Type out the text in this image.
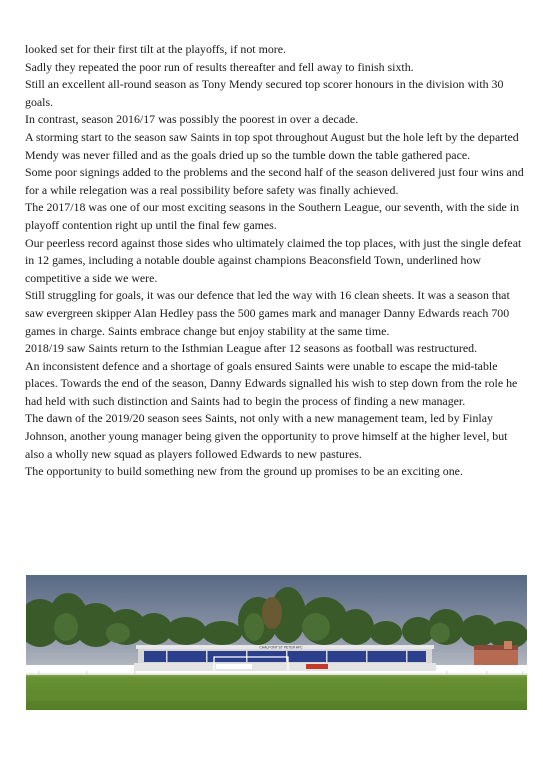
looked set for their first tilt at the playoffs, if not more.

Sadly they repeated the poor run of results thereafter and fell away to finish sixth.

Still an excellent all-round season as Tony Mendy secured top scorer honours in the division with 30 goals.

In contrast, season 2016/17 was possibly the poorest in over a decade.

A storming start to the season saw Saints in top spot throughout August but the hole left by the departed Mendy was never filled and as the goals dried up so the tumble down the table gathered pace.

Some poor signings added to the problems and the second half of the season delivered just four wins and for a while relegation was a real possibility before safety was finally achieved.

The 2017/18 was one of our most exciting seasons in the Southern League, our seventh, with the side in playoff contention right up until the final few games.

Our peerless record against those sides who ultimately claimed the top places, with just the single defeat in 12 games, including a notable double against champions Beaconsfield Town, underlined how competitive a side we were.

Still struggling for goals, it was our defence that led the way with 16 clean sheets. It was a season that saw evergreen skipper Alan Hedley pass the 500 games mark and manager Danny Edwards reach 700 games in charge. Saints embrace change but enjoy stability at the same time.

2018/19 saw Saints return to the Isthmian League after 12 seasons as football was restructured.

An inconsistent defence and a shortage of goals ensured Saints were unable to escape the mid-table places. Towards the end of the season, Danny Edwards signalled his wish to step down from the role he had held with such distinction and Saints had to begin the process of finding a new manager.

The dawn of the 2019/20 season sees Saints, not only with a new management team, led by Finlay Johnson, another young manager being given the opportunity to prove himself at the higher level, but also a wholly new squad as players followed Edwards to new pastures.

The opportunity to build something new from the ground up promises to be an exciting one.

CHALFONT ST PETER AFC
